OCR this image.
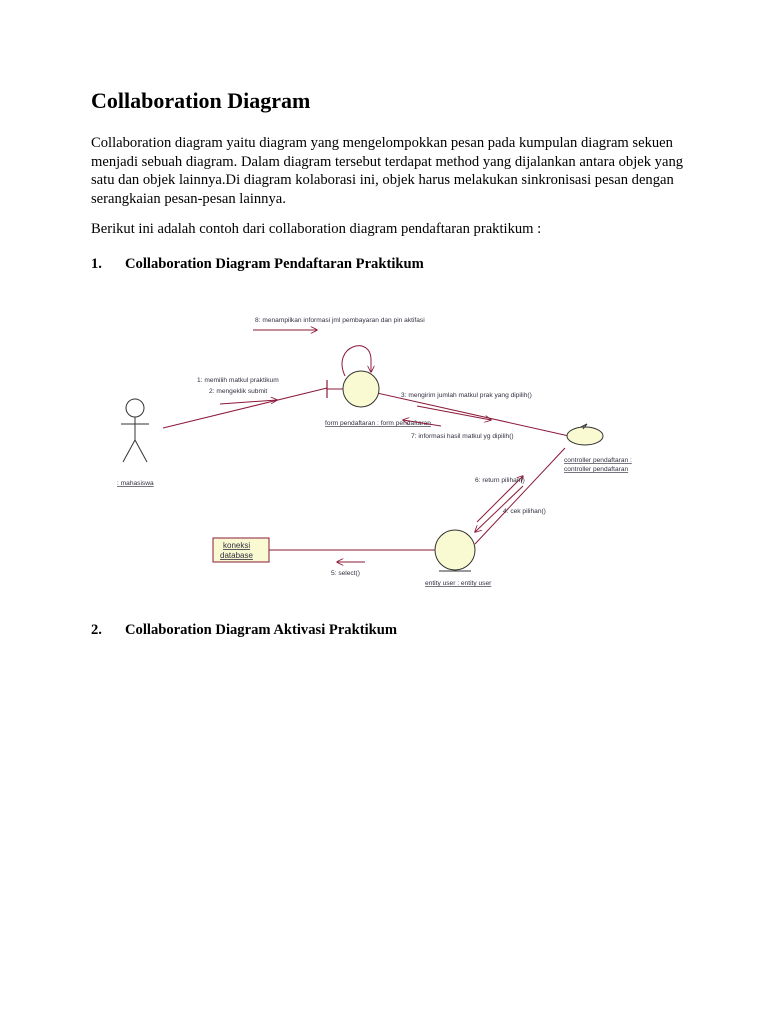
Collaboration Diagram

Collaboration diagram yaitu diagram yang mengelompokkan pesan pada kumpulan diagram sekuen menjadi sebuah diagram. Dalam diagram tersebut terdapat method yang dijalankan antara objek yang satu dan objek lainnya.Di diagram kolaborasi ini, objek harus melakukan sinkronisasi pesan dengan serangkaian pesan-pesan lainnya.

Berikut ini adalah contoh dari collaboration diagram pendaftaran praktikum :

1. Collaboration Diagram Pendaftaran Praktikum
: mahasiswa
form pendaftaran : form pendaftaran
controller pendaftaran :
controller pendaftaran
entity user : entity user
koneksi
database
8: menampilkan informasi jml pembayaran dan pin aktifasi
1: memilih matkul praktikum
2: mengeklik submit
3: mengirim jumlah matkul prak yang dipilih()
7: informasi hasil matkul yg dipilih()
6: return pilihan()
4: cek pilihan()
5: select()
2. Collaboration Diagram Aktivasi Praktikum
